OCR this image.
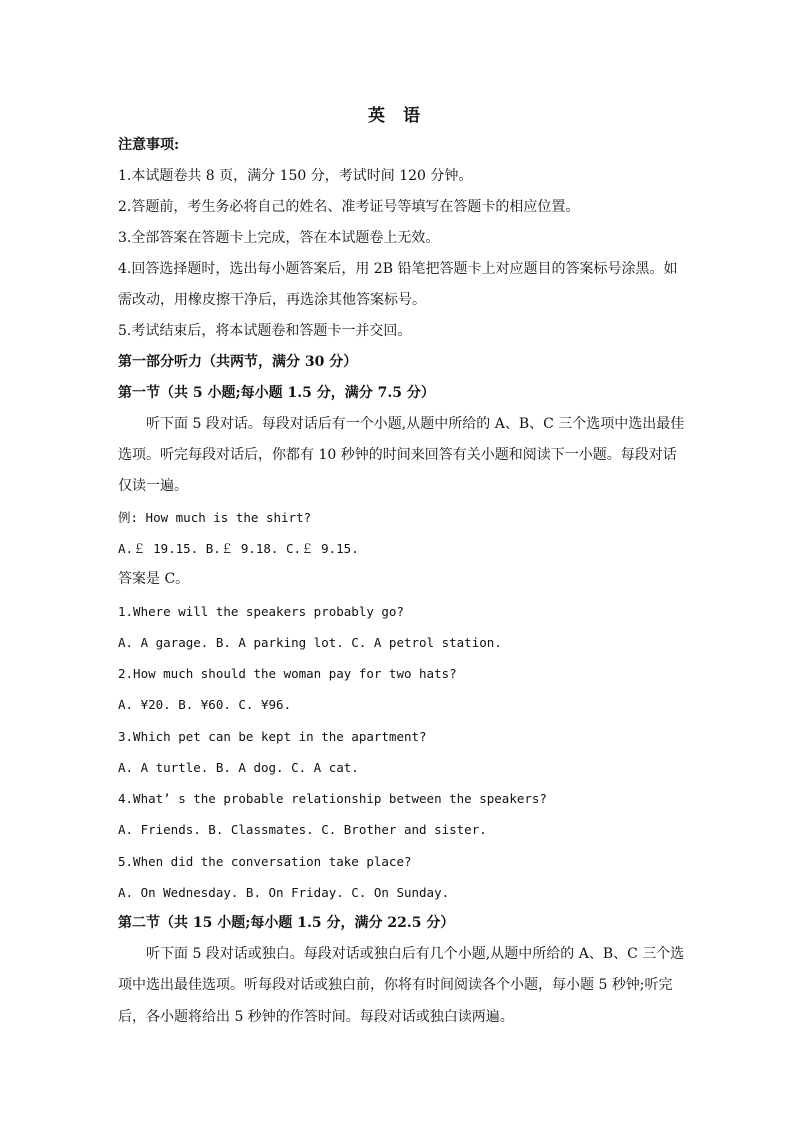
英 语
注意事项:
1.本试题卷共 8 页，满分 150 分，考试时间 120 分钟。
2.答题前，考生务必将自己的姓名、准考证号等填写在答题卡的相应位置。
3.全部答案在答题卡上完成，答在本试题卷上无效。
4.回答选择题时，选出每小题答案后，用 2B 铅笔把答题卡上对应题目的答案标号涂黑。如
需改动，用橡皮擦干净后，再选涂其他答案标号。
5.考试结束后，将本试题卷和答题卡一并交回。
第一部分听力（共两节，满分 30 分）
第一节（共 5 小题;每小题 1.5 分，满分 7.5 分）
听下面 5 段对话。每段对话后有一个小题,从题中所给的 A、B、C 三个选项中选出最佳
选项。听完每段对话后，你都有 10 秒钟的时间来回答有关小题和阅读下一小题。每段对话
仅读一遍。
例: How much is the shirt?
A.￡ 19.15. B.￡ 9.18. C.￡ 9.15.
答案是 C。
1.Where will the speakers probably go?
A. A garage. B. A parking lot. C. A petrol station.
2.How much should the woman pay for two hats?
A. ¥20. B. ¥60. C. ¥96.
3.Which pet can be kept in the apartment?
A. A turtle. B. A dog. C. A cat.
4.What’ s the probable relationship between the speakers?
A. Friends. B. Classmates. C. Brother and sister.
5.When did the conversation take place?
A. On Wednesday. B. On Friday. C. On Sunday.
第二节（共 15 小题;每小题 1.5 分，满分 22.5 分）
听下面 5 段对话或独白。每段对话或独白后有几个小题,从题中所给的 A、B、C 三个选
项中选出最佳选项。听每段对话或独白前，你将有时间阅读各个小题，每小题 5 秒钟;听完
后，各小题将给出 5 秒钟的作答时间。每段对话或独白读两遍。
